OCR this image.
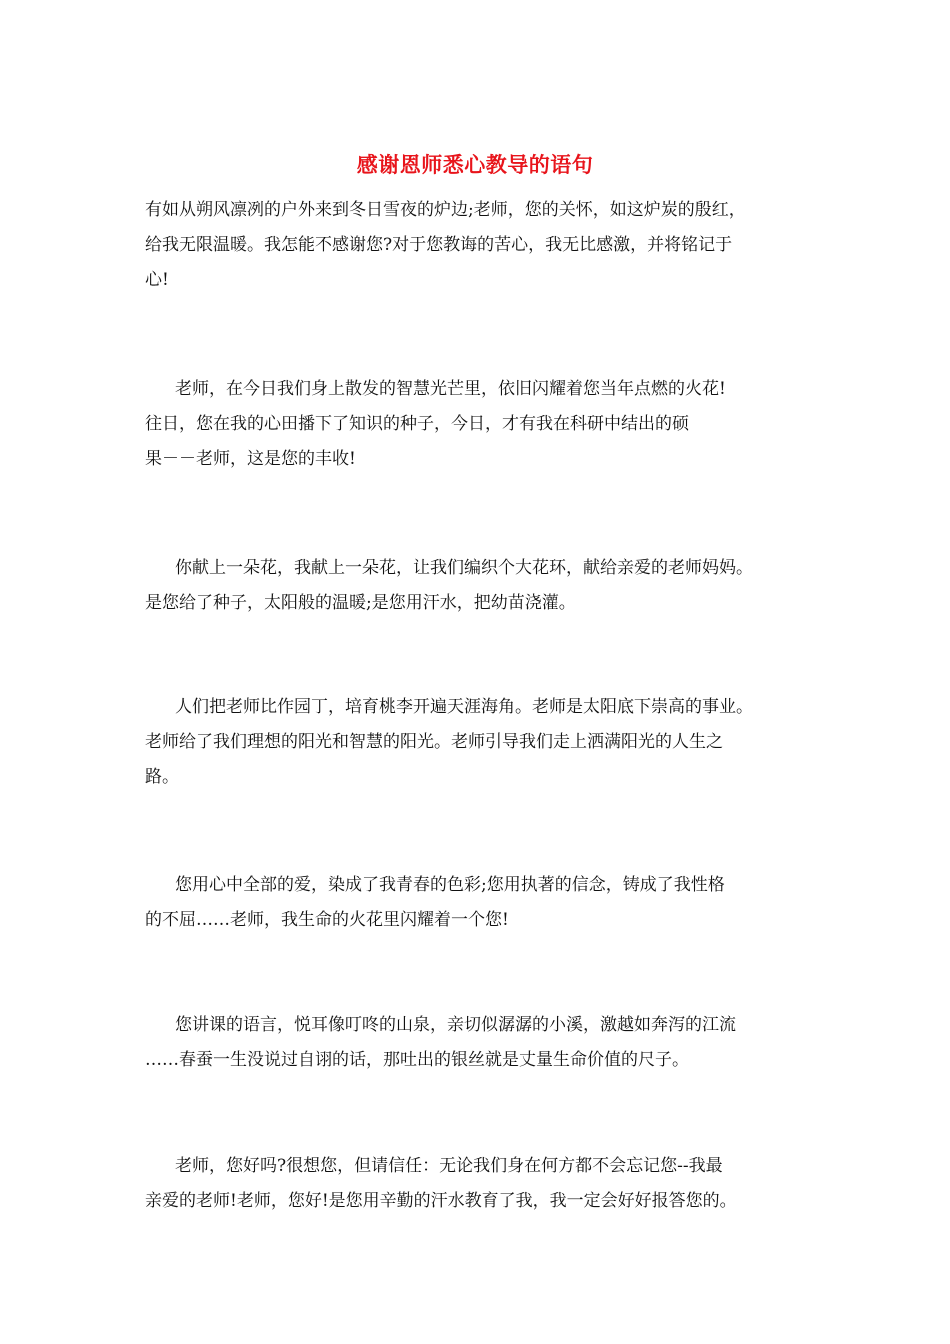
感谢恩师悉心教导的语句

有如从朔风凛冽的户外来到冬日雪夜的炉边;老师，您的关怀，如这炉炭的殷红，
给我无限温暖。我怎能不感谢您?对于您教诲的苦心，我无比感激，并将铭记于
心!

老师，在今日我们身上散发的智慧光芒里，依旧闪耀着您当年点燃的火花!
往日，您在我的心田播下了知识的种子，今日，才有我在科研中结出的硕
果－－老师，这是您的丰收!

你献上一朵花，我献上一朵花，让我们编织个大花环，献给亲爱的老师妈妈。
是您给了种子，太阳般的温暖;是您用汗水，把幼苗浇灌。

人们把老师比作园丁，培育桃李开遍天涯海角。老师是太阳底下崇高的事业。
老师给了我们理想的阳光和智慧的阳光。老师引导我们走上洒满阳光的人生之
路。

您用心中全部的爱，染成了我青春的色彩;您用执著的信念，铸成了我性格
的不屈……老师，我生命的火花里闪耀着一个您!

您讲课的语言，悦耳像叮咚的山泉，亲切似潺潺的小溪，激越如奔泻的江流
……春蚕一生没说过自诩的话，那吐出的银丝就是丈量生命价值的尺子。

老师，您好吗?很想您，但请信任：无论我们身在何方都不会忘记您--我最
亲爱的老师!老师，您好!是您用辛勤的汗水教育了我，我一定会好好报答您的。
